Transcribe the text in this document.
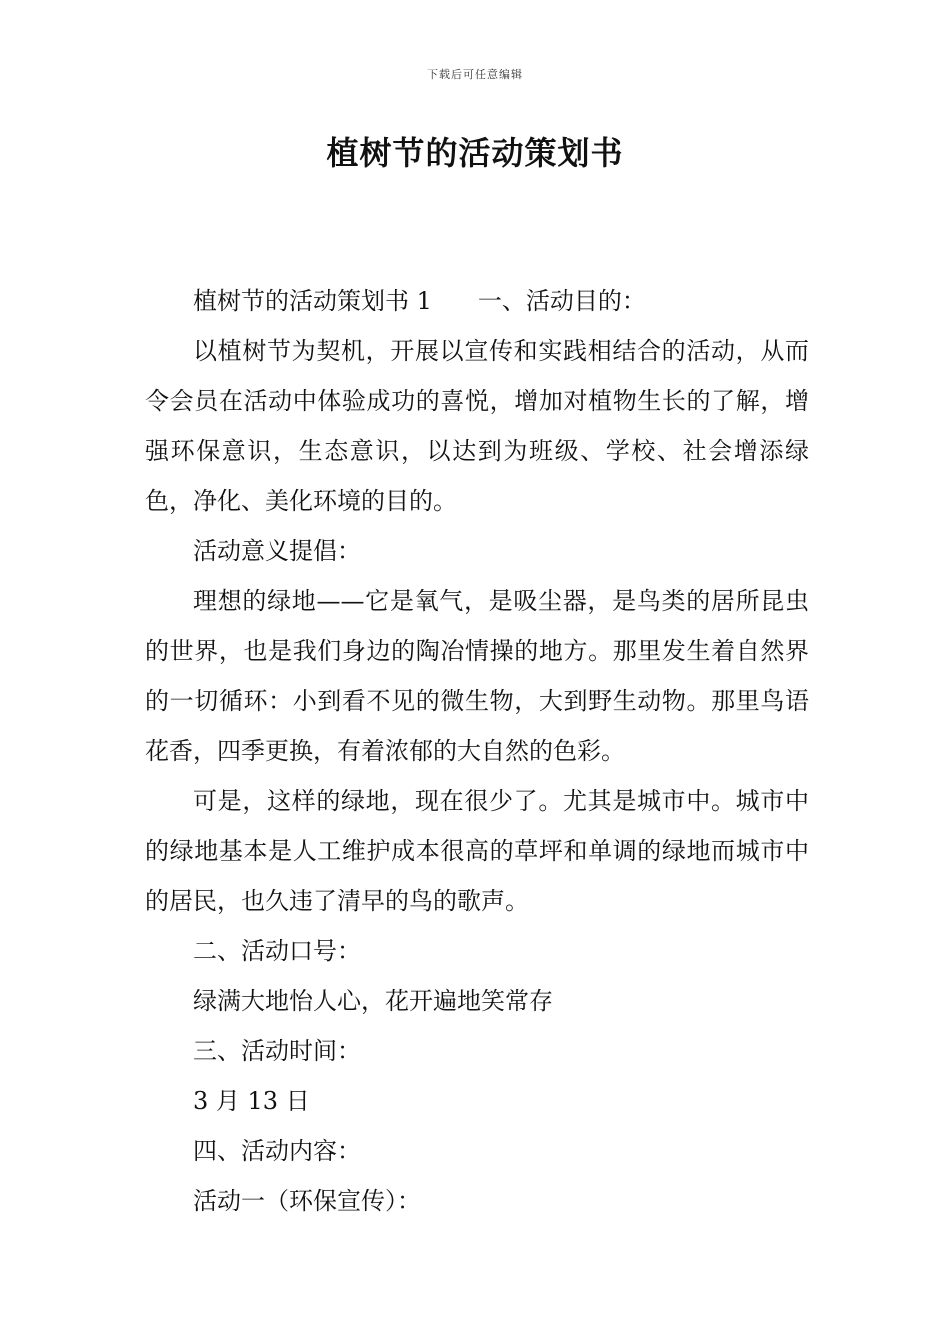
下载后可任意编辑
植树节的活动策划书

植树节的活动策划书 1 一、活动目的：

以植树节为契机，开展以宣传和实践相结合的活动，从而令会员在活动中体验成功的喜悦，增加对植物生长的了解，增强环保意识，生态意识，以达到为班级、学校、社会增添绿色，净化、美化环境的目的。

活动意义提倡：

理想的绿地——它是氧气，是吸尘器，是鸟类的居所昆虫的世界，也是我们身边的陶冶情操的地方。那里发生着自然界的一切循环：小到看不见的微生物，大到野生动物。那里鸟语花香，四季更换，有着浓郁的大自然的色彩。

可是，这样的绿地，现在很少了。尤其是城市中。城市中的绿地基本是人工维护成本很高的草坪和单调的绿地而城市中的居民，也久违了清早的鸟的歌声。

二、活动口号：

绿满大地怡人心，花开遍地笑常存

三、活动时间：

3 月 13 日

四、活动内容：

活动一（环保宣传）：
